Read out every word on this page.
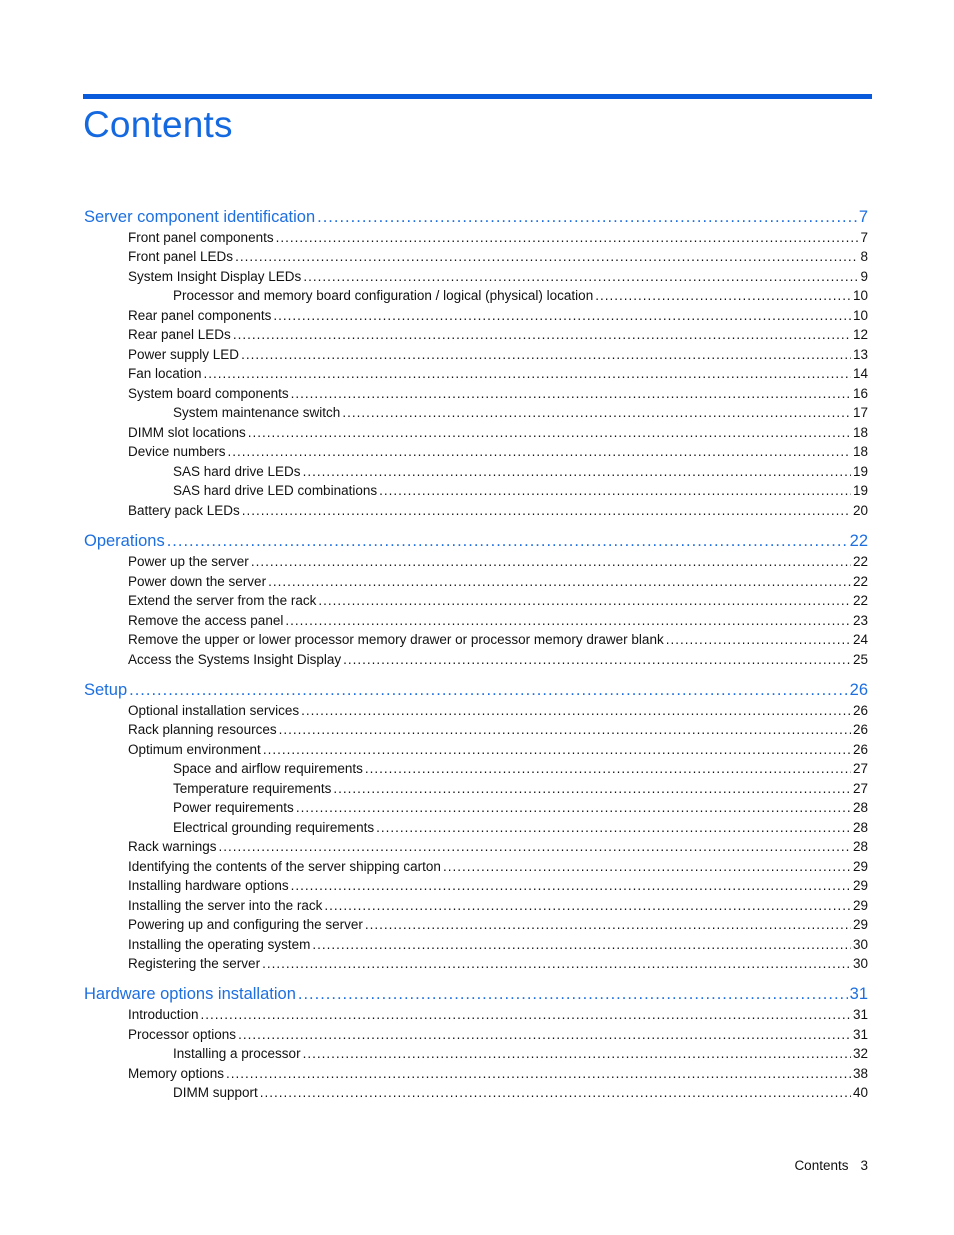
Contents
Server component identification .....	7
Front panel components .....	7
Front panel LEDs .....	8
System Insight Display LEDs .....	9
Processor and memory board configuration / logical (physical) location .....	10
Rear panel components .....	10
Rear panel LEDs .....	12
Power supply LED .....	13
Fan location .....	14
System board components .....	16
System maintenance switch .....	17
DIMM slot locations .....	18
Device numbers .....	18
SAS hard drive LEDs .....	19
SAS hard drive LED combinations .....	19
Battery pack LEDs .....	20
Operations .....	22
Power up the server .....	22
Power down the server .....	22
Extend the server from the rack .....	22
Remove the access panel .....	23
Remove the upper or lower processor memory drawer or processor memory drawer blank .....	24
Access the Systems Insight Display .....	25
Setup .....	26
Optional installation services .....	26
Rack planning resources .....	26
Optimum environment .....	26
Space and airflow requirements .....	27
Temperature requirements .....	27
Power requirements .....	28
Electrical grounding requirements .....	28
Rack warnings .....	28
Identifying the contents of the server shipping carton .....	29
Installing hardware options .....	29
Installing the server into the rack .....	29
Powering up and configuring the server .....	29
Installing the operating system .....	30
Registering the server .....	30
Hardware options installation .....	31
Introduction .....	31
Processor options .....	31
Installing a processor .....	32
Memory options .....	38
DIMM support .....	40
Contents 3
